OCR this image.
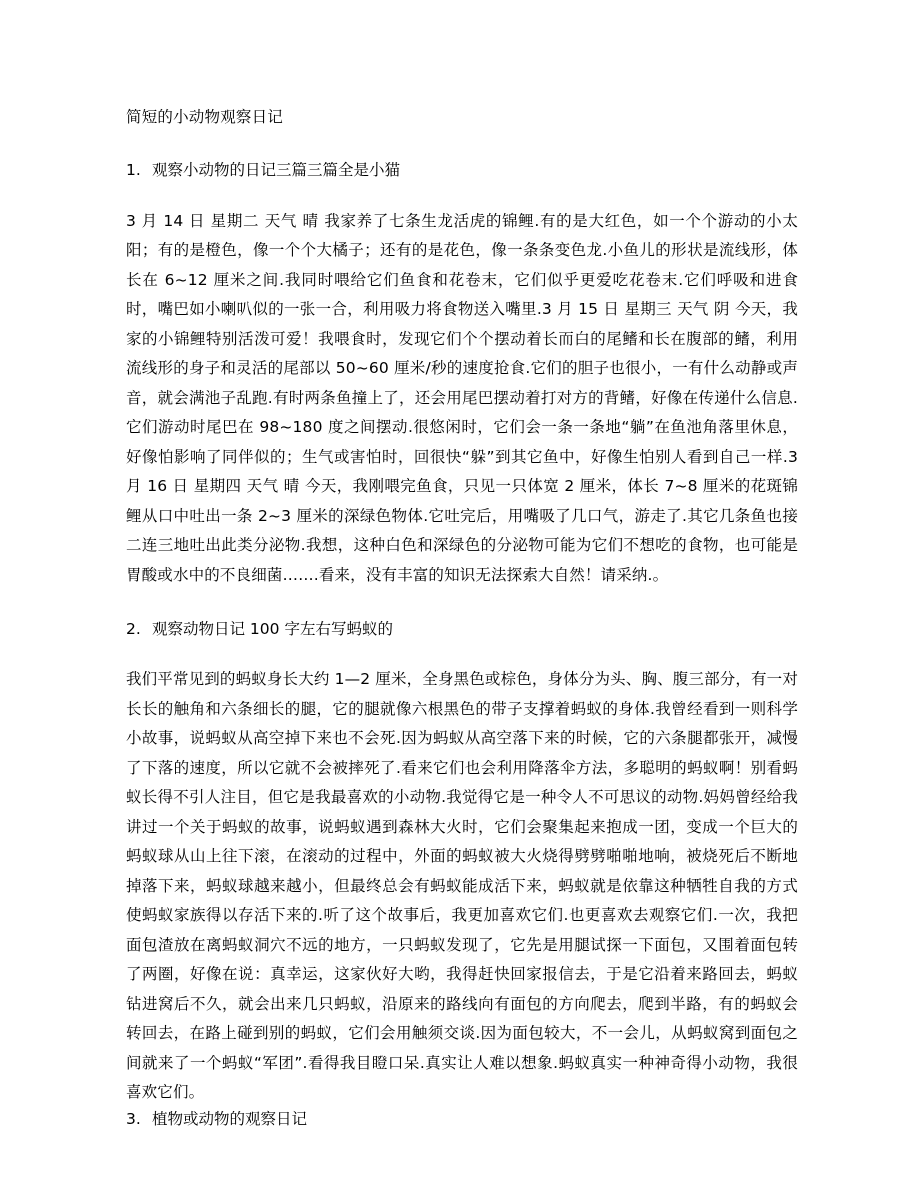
简短的小动物观察日记

1. 观察小动物的日记三篇三篇全是小猫

3 月 14 日 星期二 天气 晴 我家养了七条生龙活虎的锦鲤.有的是大红色，如一个个游动的小太阳；有的是橙色，像一个个大橘子；还有的是花色，像一条条变色龙.小鱼儿的形状是流线形，体长在 6~12 厘米之间.我同时喂给它们鱼食和花卷末，它们似乎更爱吃花卷末.它们呼吸和进食时，嘴巴如小喇叭似的一张一合，利用吸力将食物送入嘴里.3 月 15 日 星期三 天气 阴 今天，我家的小锦鲤特别活泼可爱！我喂食时，发现它们个个摆动着长而白的尾鳍和长在腹部的鳍，利用流线形的身子和灵活的尾部以 50~60 厘米/秒的速度抢食.它们的胆子也很小，一有什么动静或声音，就会满池子乱跑.有时两条鱼撞上了，还会用尾巴摆动着打对方的背鳍，好像在传递什么信息.它们游动时尾巴在 98~180 度之间摆动.很悠闲时，它们会一条一条地“躺”在鱼池角落里休息，好像怕影响了同伴似的；生气或害怕时，回很快“躲”到其它鱼中，好像生怕别人看到自己一样.3 月 16 日 星期四 天气 晴 今天，我刚喂完鱼食，只见一只体宽 2 厘米，体长 7~8 厘米的花斑锦鲤从口中吐出一条 2~3 厘米的深绿色物体.它吐完后，用嘴吸了几口气，游走了.其它几条鱼也接二连三地吐出此类分泌物.我想，这种白色和深绿色的分泌物可能为它们不想吃的食物，也可能是胃酸或水中的不良细菌…….看来，没有丰富的知识无法探索大自然！请采纳.。

2. 观察动物日记 100 字左右写蚂蚁的

我们平常见到的蚂蚁身长大约 1—2 厘米，全身黑色或棕色，身体分为头、胸、腹三部分，有一对长长的触角和六条细长的腿，它的腿就像六根黑色的带子支撑着蚂蚁的身体.我曾经看到一则科学小故事，说蚂蚁从高空掉下来也不会死.因为蚂蚁从高空落下来的时候，它的六条腿都张开，减慢了下落的速度，所以它就不会被摔死了.看来它们也会利用降落伞方法，多聪明的蚂蚁啊！别看蚂蚁长得不引人注目，但它是我最喜欢的小动物.我觉得它是一种令人不可思议的动物.妈妈曾经给我讲过一个关于蚂蚁的故事，说蚂蚁遇到森林大火时，它们会聚集起来抱成一团，变成一个巨大的蚂蚁球从山上往下滚，在滚动的过程中，外面的蚂蚁被大火烧得劈劈啪啪地响，被烧死后不断地掉落下来，蚂蚁球越来越小，但最终总会有蚂蚁能成活下来，蚂蚁就是依靠这种牺牲自我的方式使蚂蚁家族得以存活下来的.听了这个故事后，我更加喜欢它们.也更喜欢去观察它们.一次，我把面包渣放在离蚂蚁洞穴不远的地方，一只蚂蚁发现了，它先是用腿试探一下面包，又围着面包转了两圈，好像在说：真幸运，这家伙好大哟，我得赶快回家报信去，于是它沿着来路回去，蚂蚁钻进窝后不久，就会出来几只蚂蚁，沿原来的路线向有面包的方向爬去，爬到半路，有的蚂蚁会转回去，在路上碰到别的蚂蚁，它们会用触须交谈.因为面包较大，不一会儿，从蚂蚁窝到面包之间就来了一个蚂蚁“军团”.看得我目瞪口呆.真实让人难以想象.蚂蚁真实一种神奇得小动物，我很喜欢它们。

3. 植物或动物的观察日记
